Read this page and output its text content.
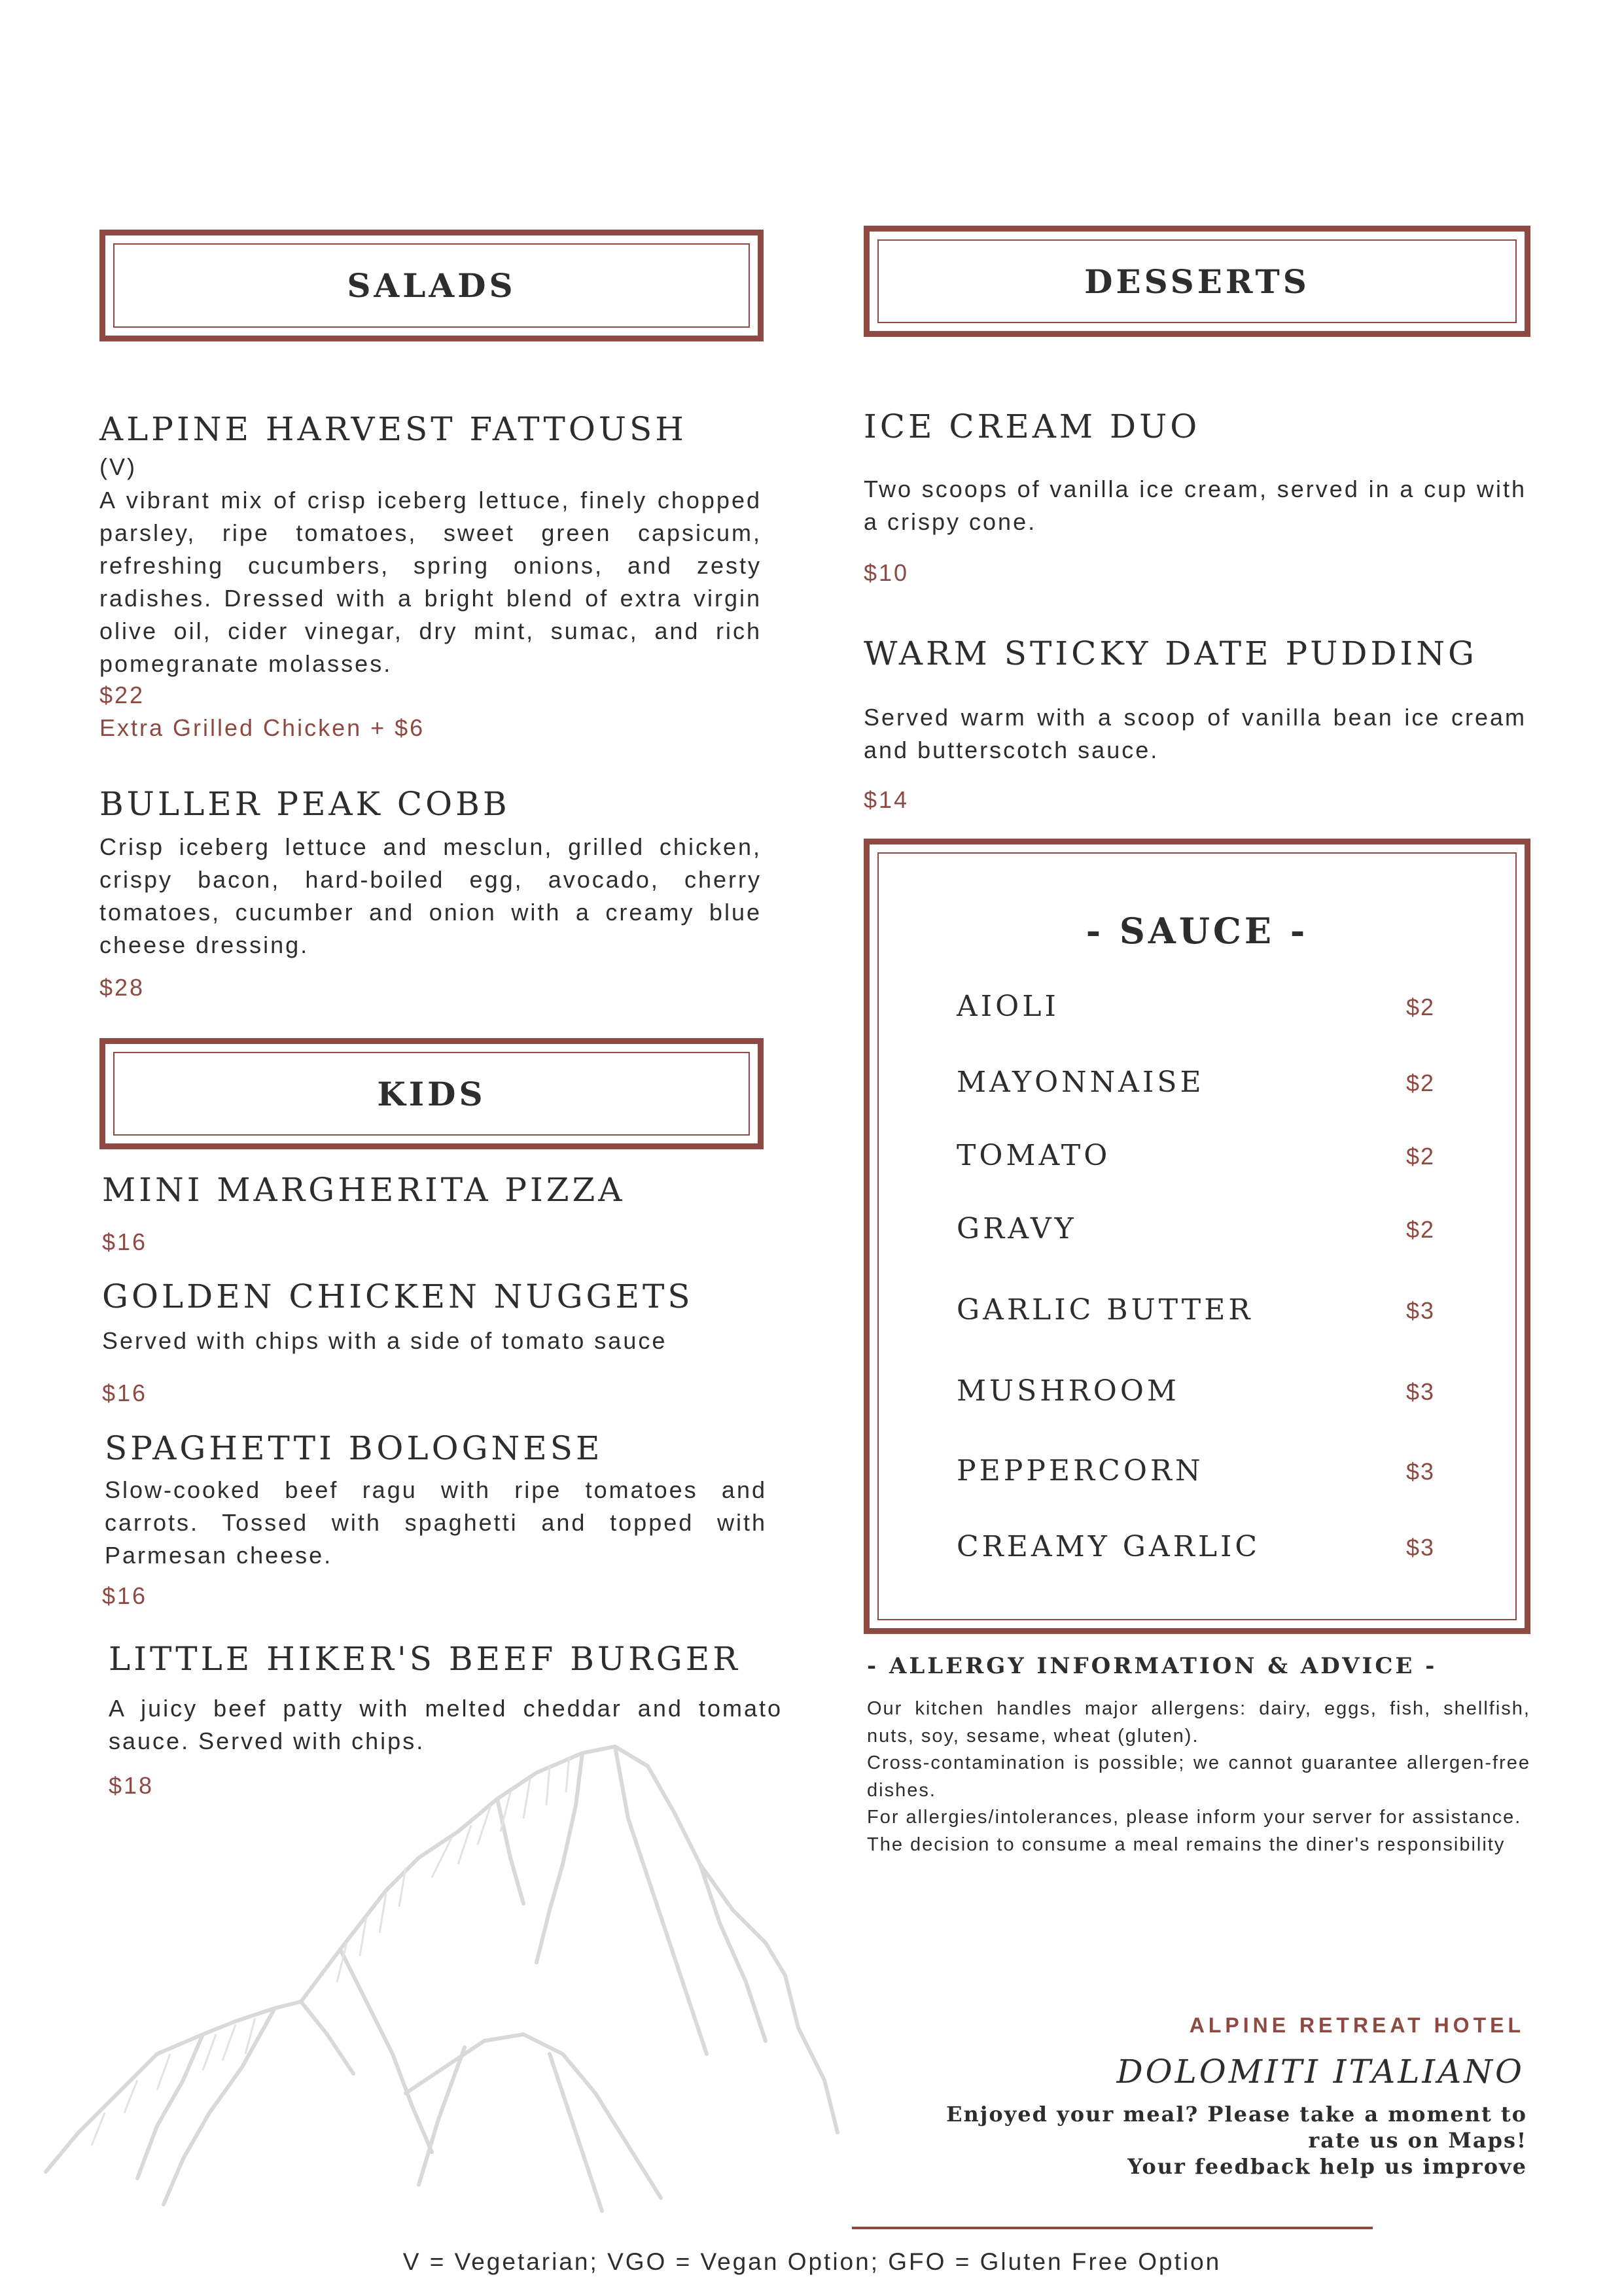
SALADS
ALPINE HARVEST FATTOUSH
(V)
A vibrant mix of crisp iceberg lettuce, finely chopped parsley, ripe tomatoes, sweet green capsicum, refreshing cucumbers, spring onions, and zesty radishes. Dressed with a bright blend of extra virgin olive oil, cider vinegar, dry mint, sumac, and rich pomegranate molasses.
$22
Extra Grilled Chicken + $6
BULLER PEAK COBB
Crisp iceberg lettuce and mesclun, grilled chicken, crispy bacon, hard-boiled egg, avocado, cherry tomatoes, cucumber and onion with a creamy blue cheese dressing.
$28
KIDS
MINI MARGHERITA PIZZA
$16
GOLDEN CHICKEN NUGGETS
Served with chips with a side of tomato sauce
$16
SPAGHETTI BOLOGNESE
Slow-cooked beef ragu with ripe tomatoes and carrots. Tossed with spaghetti and topped with Parmesan cheese.
$16
LITTLE HIKER'S BEEF BURGER
A juicy beef patty with melted cheddar and tomato sauce. Served with chips.
$18
DESSERTS
ICE CREAM DUO
Two scoops of vanilla ice cream, served in a cup with a crispy cone.
$10
WARM STICKY DATE PUDDING
Served warm with a scoop of vanilla bean ice cream and butterscotch sauce.
$14
- SAUCE -
AIOLI	$2
MAYONNAISE	$2
TOMATO	$2
GRAVY	$2
GARLIC BUTTER	$3
MUSHROOM	$3
PEPPERCORN	$3
CREAMY GARLIC	$3
- ALLERGY INFORMATION & ADVICE -

Our kitchen handles major allergens: dairy, eggs, fish, shellfish, nuts, soy, sesame, wheat (gluten).

Cross-contamination is possible; we cannot guarantee allergen-free dishes.

For allergies/intolerances, please inform your server for assistance.

The decision to consume a meal remains the diner's responsibility

ALPINE RETREAT HOTEL
DOLOMITI ITALIANO
Enjoyed your meal? Please take a moment to
rate us on Maps!
Your feedback help us improve
V = Vegetarian; VGO = Vegan Option; GFO = Gluten Free Option
